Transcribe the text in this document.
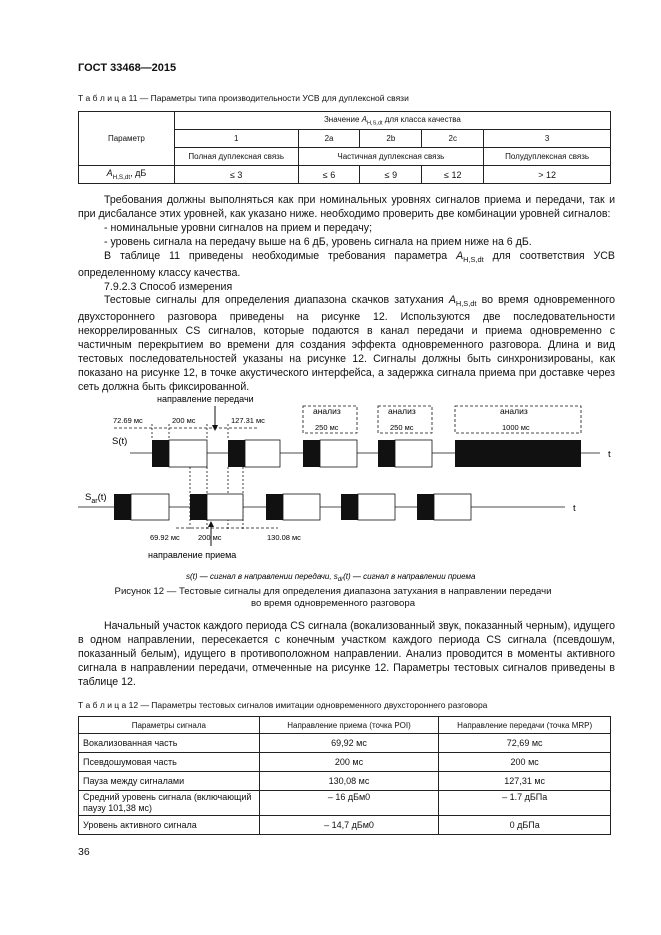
ГОСТ 33468—2015
Т а б л и ц а 11 — Параметры типа производительности УСВ для дуплексной связи
Параметр	Значение $A_{H,S,dt}$ для класса качества				
	1	2a	2b	2c	3
	Полная дуплексная связь	Частичная дуплексная связь			Полудуплексная связь
$A_{H,S,dt}$, дБ	≤ 3	≤ 6	≤ 9	≤ 12	> 12

Требования должны выполняться как при номинальных уровнях сигналов приема и передачи, так и при дисбалансе этих уровней, как указано ниже. необходимо проверить две комбинации уровней сигналов:

- номинальные уровни сигналов на прием и передачу;

- уровень сигнала на передачу выше на 6 дБ, уровень сигнала на прием ниже на 6 дБ.

В таблице 11 приведены необходимые требования параметра $A_{H,S,dt}$ для соответствия УСВ определенному классу качества.

7.9.2.3 Способ измерения

Тестовые сигналы для определения диапазона скачков затухания $A_{H,S,dt}$ во время одновременного двухстороннего разговора приведены на рисунке 12. Используются две последовательности некоррелированных CS сигналов, которые подаются в канал передачи и приема одновременно с частичным перекрытием во времени для создания эффекта одновременного разговора. Длина и вид тестовых последовательностей указаны на рисунке 12. Сигналы должны быть синхронизированы, как показано на рисунке 12, в точке акустического интерфейса, а задержка сигнала приема при доставке через сеть должна быть фиксированной.

направление передачи
направление приема
72.69 мс	200 мс	127.31 мс
анализ
250 мс
анализ
250 мс
анализ
1000 мс
S(t)
t
$S_{ar}(t)$
t
69.92 мс 200 мс	130.08 мс
s(t) — сигнал в направлении передачи, $s_{dr}(t)$ — сигнал в направлении приема
Рисунок 12 — Тестовые сигналы для определения диапазона затухания в направлении передачи
во время одновременного разговора

Начальный участок каждого периода CS сигнала (вокализованный звук, показанный черным), идущего в одном направлении, пересекается с конечным участком каждого периода CS сигнала (псевдошум, показанный белым), идущего в противоположном направлении. Анализ проводится в моменты активного сигнала в направлении передачи, отмеченные на рисунке 12. Параметры тестовых сигналов приведены в таблице 12.

Т а б л и ц а 12 — Параметры тестовых сигналов имитации одновременного двухстороннего разговора
Параметры сигнала	Направление приема (точка POI)	Направление передачи (точка MRP)
Вокализованная часть	69,92 мс	72,69 мс
Псевдошумовая часть	200 мс	200 мс
Пауза между сигналами	130,08 мс	127,31 мс
Средний уровень сигнала (включающий паузу 101,38 мс)	– 16 дБм0	– 1.7 дБПа
Уровень активного сигнала	– 14,7 дБм0	0 дБПа
36
